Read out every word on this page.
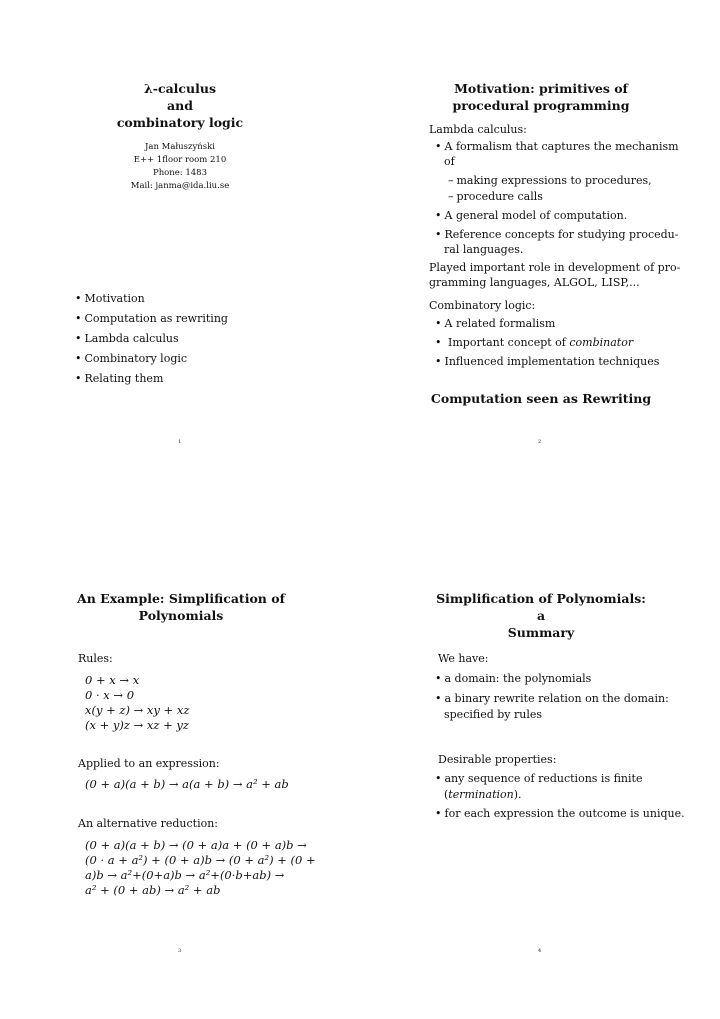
λ-calculus
and
combinatory logic
Jan Małuszyński
E++ 1floor room 210
Phone: 1483
Mail: janma@ida.liu.se
• Motivation
• Computation as rewriting
• Lambda calculus
• Combinatory logic
• Relating them
1
Motivation: primitives of
procedural programming
Lambda calculus:
• A formalism that captures the mechanism
of
– making expressions to procedures,
– procedure calls
• A general model of computation.
• Reference concepts for studying procedu-
ral languages.
Played important role in development of pro-
gramming languages, ALGOL, LISP,...
Combinatory logic:
• A related formalism
• Important concept of combinator
• Influenced implementation techniques
Computation seen as Rewriting
2
An Example: Simplification of
Polynomials
Rules:
0 + x → x
0 · x → 0
x(y + z) → xy + xz
(x + y)z → xz + yz
Applied to an expression:
(0 + a)(a + b) → a(a + b) → a² + ab
An alternative reduction:
(0 + a)(a + b) → (0 + a)a + (0 + a)b →
(0 · a + a²) + (0 + a)b → (0 + a²) + (0 +
a)b → a²+(0+a)b → a²+(0·b+ab) →
a² + (0 + ab) → a² + ab
3
Simplification of Polynomials: a
Summary
We have:
• a domain: the polynomials
• a binary rewrite relation on the domain:
specified by rules
Desirable properties:
• any sequence of reductions is finite
(termination).
• for each expression the outcome is unique.
4
